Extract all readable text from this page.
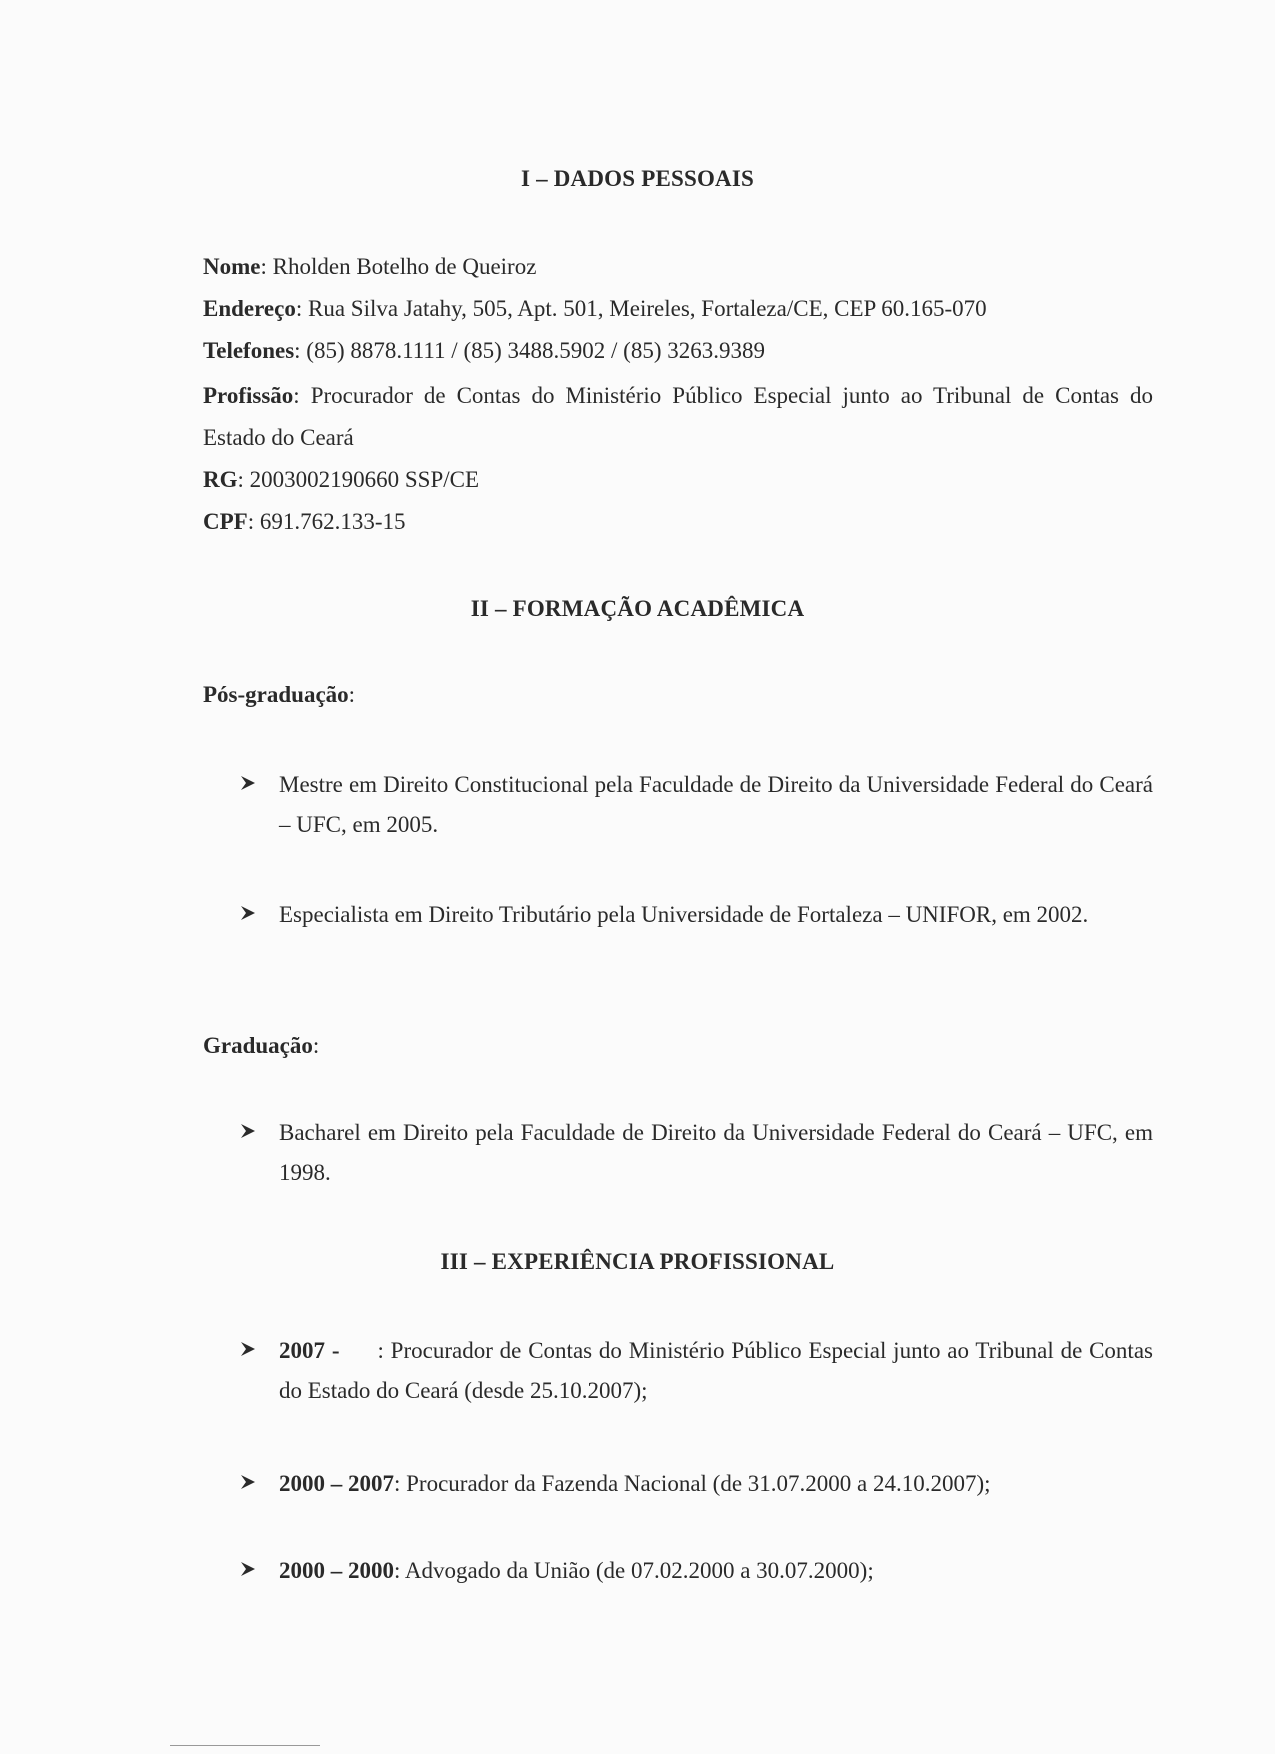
I – DADOS PESSOAIS
Nome: Rholden Botelho de Queiroz
Endereço: Rua Silva Jatahy, 505, Apt. 501, Meireles, Fortaleza/CE, CEP 60.165-070
Telefones: (85) 8878.1111 / (85) 3488.5902 / (85) 3263.9389
Profissão: Procurador de Contas do Ministério Público Especial junto ao Tribunal de Contas do Estado do Ceará
RG: 2003002190660 SSP/CE
CPF: 691.762.133-15
II – FORMAÇÃO ACADÊMICA
Pós-graduação:
Mestre em Direito Constitucional pela Faculdade de Direito da Universidade Federal do Ceará – UFC, em 2005.
Especialista em Direito Tributário pela Universidade de Fortaleza – UNIFOR, em 2002.
Graduação:
Bacharel em Direito pela Faculdade de Direito da Universidade Federal do Ceará – UFC, em 1998.
III – EXPERIÊNCIA PROFISSIONAL
2007 - : Procurador de Contas do Ministério Público Especial junto ao Tribunal de Contas do Estado do Ceará (desde 25.10.2007);
2000 – 2007: Procurador da Fazenda Nacional (de 31.07.2000 a 24.10.2007);
2000 – 2000: Advogado da União (de 07.02.2000 a 30.07.2000);
